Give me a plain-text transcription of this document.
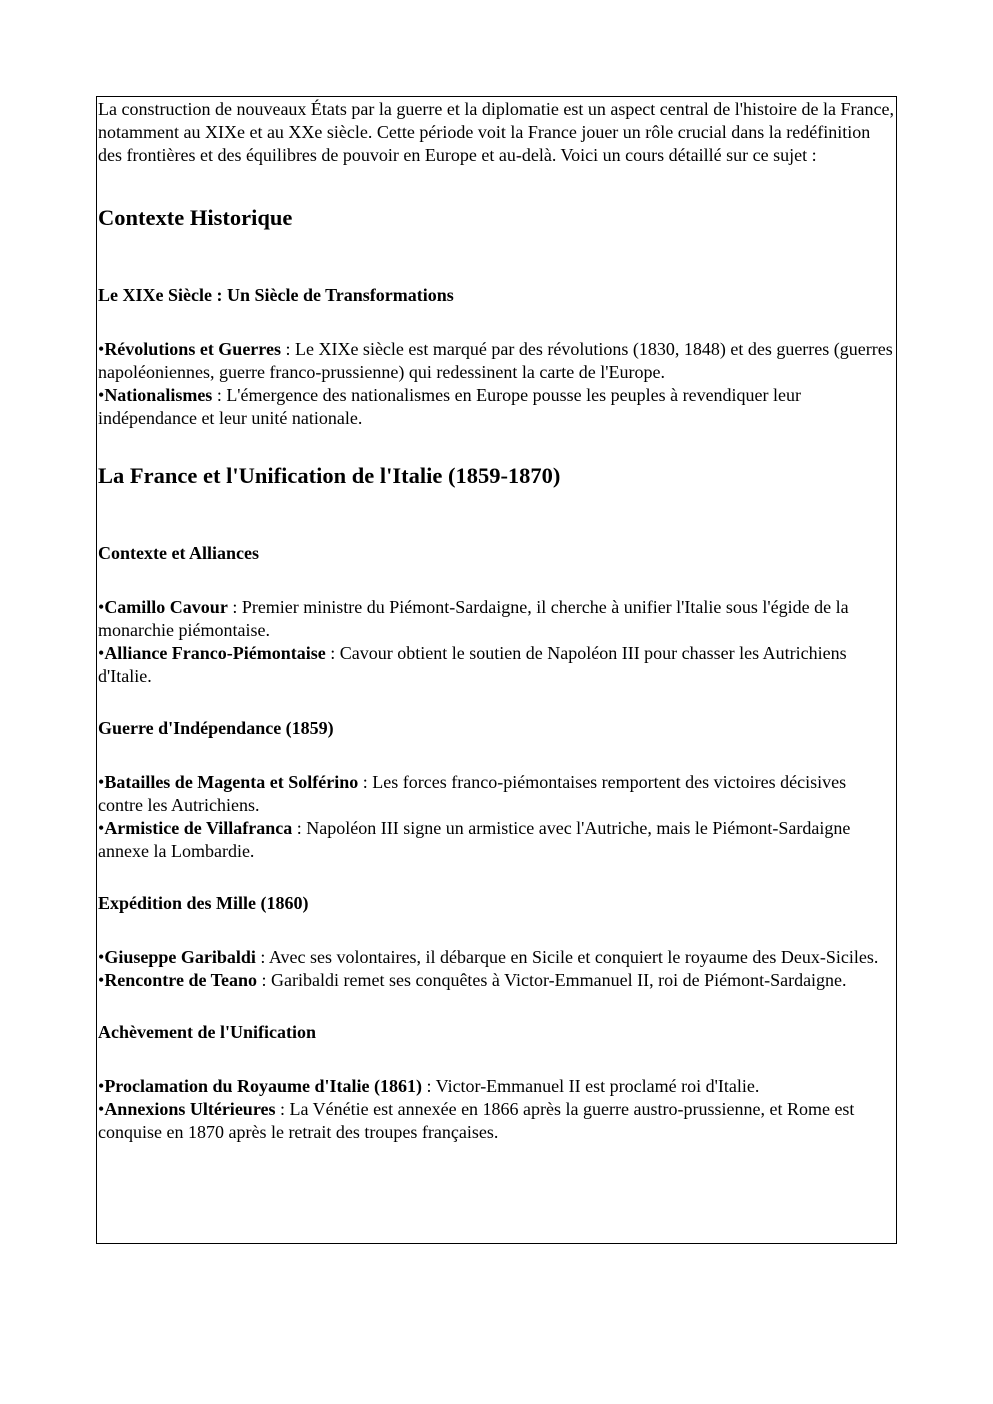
La construction de nouveaux États par la guerre et la diplomatie est un aspect central de l'histoire de la France, notamment au XIXe et au XXe siècle. Cette période voit la France jouer un rôle crucial dans la redéfinition des frontières et des équilibres de pouvoir en Europe et au-delà. Voici un cours détaillé sur ce sujet :

Contexte Historique
Le XIXe Siècle : Un Siècle de Transformations
•Révolutions et Guerres : Le XIXe siècle est marqué par des révolutions (1830, 1848) et des guerres (guerres napoléoniennes, guerre franco-prussienne) qui redessinent la carte de l'Europe.
•Nationalismes : L'émergence des nationalismes en Europe pousse les peuples à revendiquer leur indépendance et leur unité nationale.
La France et l'Unification de l'Italie (1859-1870)
Contexte et Alliances
•Camillo Cavour : Premier ministre du Piémont-Sardaigne, il cherche à unifier l'Italie sous l'égide de la monarchie piémontaise.
•Alliance Franco-Piémontaise : Cavour obtient le soutien de Napoléon III pour chasser les Autrichiens d'Italie.
Guerre d'Indépendance (1859)
•Batailles de Magenta et Solférino : Les forces franco-piémontaises remportent des victoires décisives contre les Autrichiens.
•Armistice de Villafranca : Napoléon III signe un armistice avec l'Autriche, mais le Piémont-Sardaigne annexe la Lombardie.
Expédition des Mille (1860)
•Giuseppe Garibaldi : Avec ses volontaires, il débarque en Sicile et conquiert le royaume des Deux-Siciles.
•Rencontre de Teano : Garibaldi remet ses conquêtes à Victor-Emmanuel II, roi de Piémont-Sardaigne.
Achèvement de l'Unification
•Proclamation du Royaume d'Italie (1861) : Victor-Emmanuel II est proclamé roi d'Italie.
•Annexions Ultérieures : La Vénétie est annexée en 1866 après la guerre austro-prussienne, et Rome est conquise en 1870 après le retrait des troupes françaises.
